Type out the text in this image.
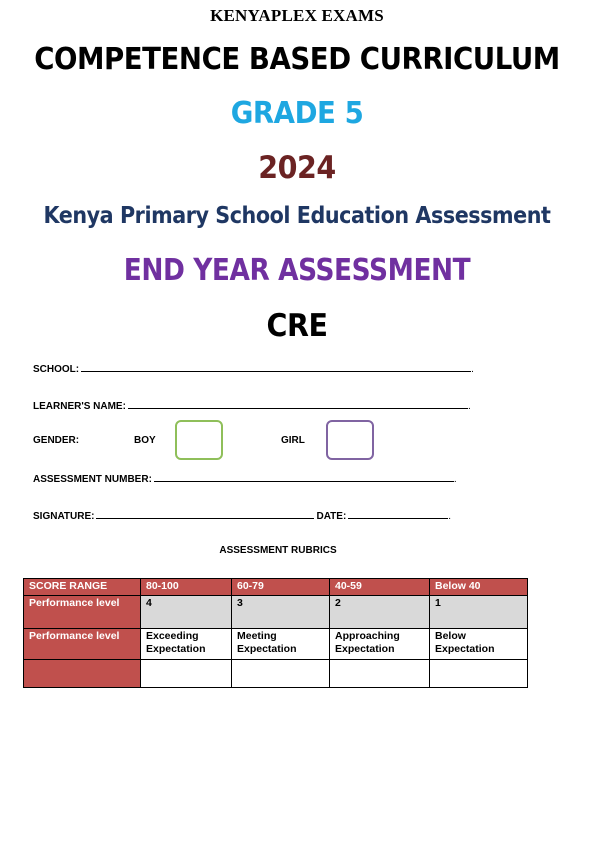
KENYAPLEX EXAMS
COMPETENCE BASED CURRICULUM
GRADE 5
2024
Kenya Primary School Education Assessment
END YEAR ASSESSMENT
CRE
SCHOOL:	.
LEARNER'S NAME:	.
GENDER:	BOY	GIRL
ASSESSMENT NUMBER:	.
SIGNATURE:	DATE:	.
ASSESSMENT RUBRICS
SCORE RANGE	80-100	60-79	40-59	Below 40
Performance level	4	3	2	1
Performance level	Exceeding Expectation	Meeting Expectation	Approaching Expectation	Below Expectation
